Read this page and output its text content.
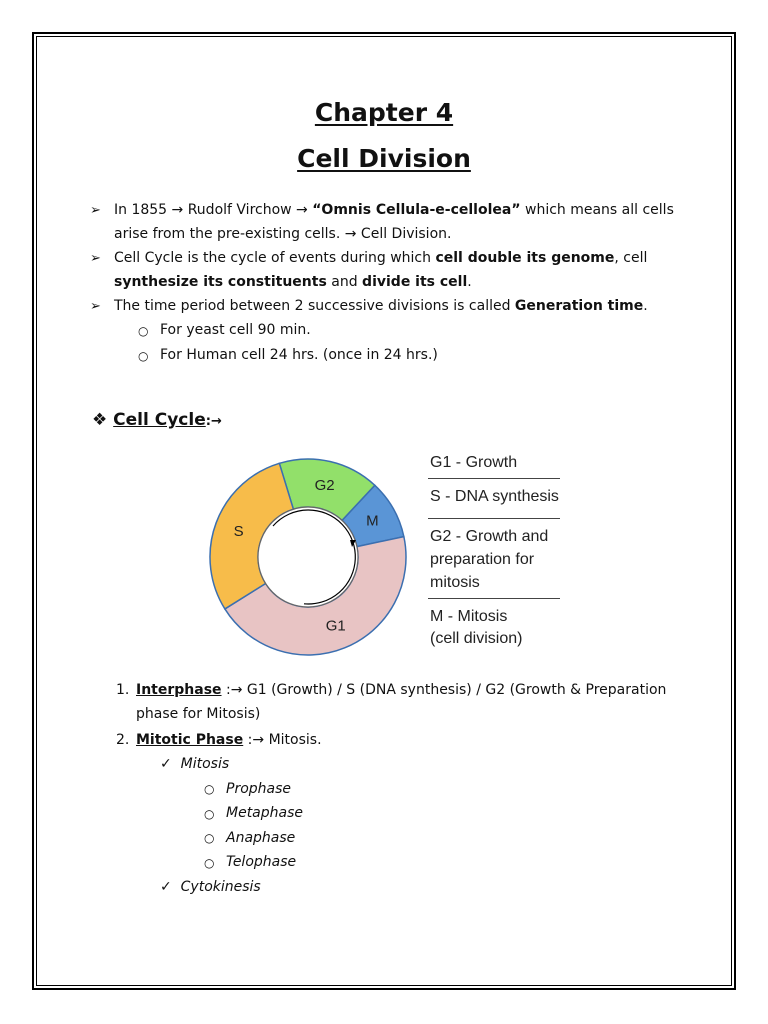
Chapter 4
Cell Division
➢ In 1855 → Rudolf Virchow → “Omnis Cellula-e-cellolea” which means all cells
arise from the pre-existing cells. → Cell Division.
➢ Cell Cycle is the cycle of events during which cell double its genome, cell
synthesize its constituents and divide its cell.
➢ The time period between 2 successive divisions is called Generation time.
○ For yeast cell 90 min.
○ For Human cell 24 hrs. (once in 24 hrs.)
❖ Cell Cycle:→
G2
M
G1
S
G1 - Growth
S - DNA synthesis
G2 - Growth and
preparation for
mitosis
M - Mitosis
(cell division)
1. Interphase :→ G1 (Growth) / S (DNA synthesis) / G2 (Growth & Preparation
phase for Mitosis)
2. Mitotic Phase :→ Mitosis.
✓  Mitosis
○ Prophase
○ Metaphase
○ Anaphase
○ Telophase
✓  Cytokinesis
